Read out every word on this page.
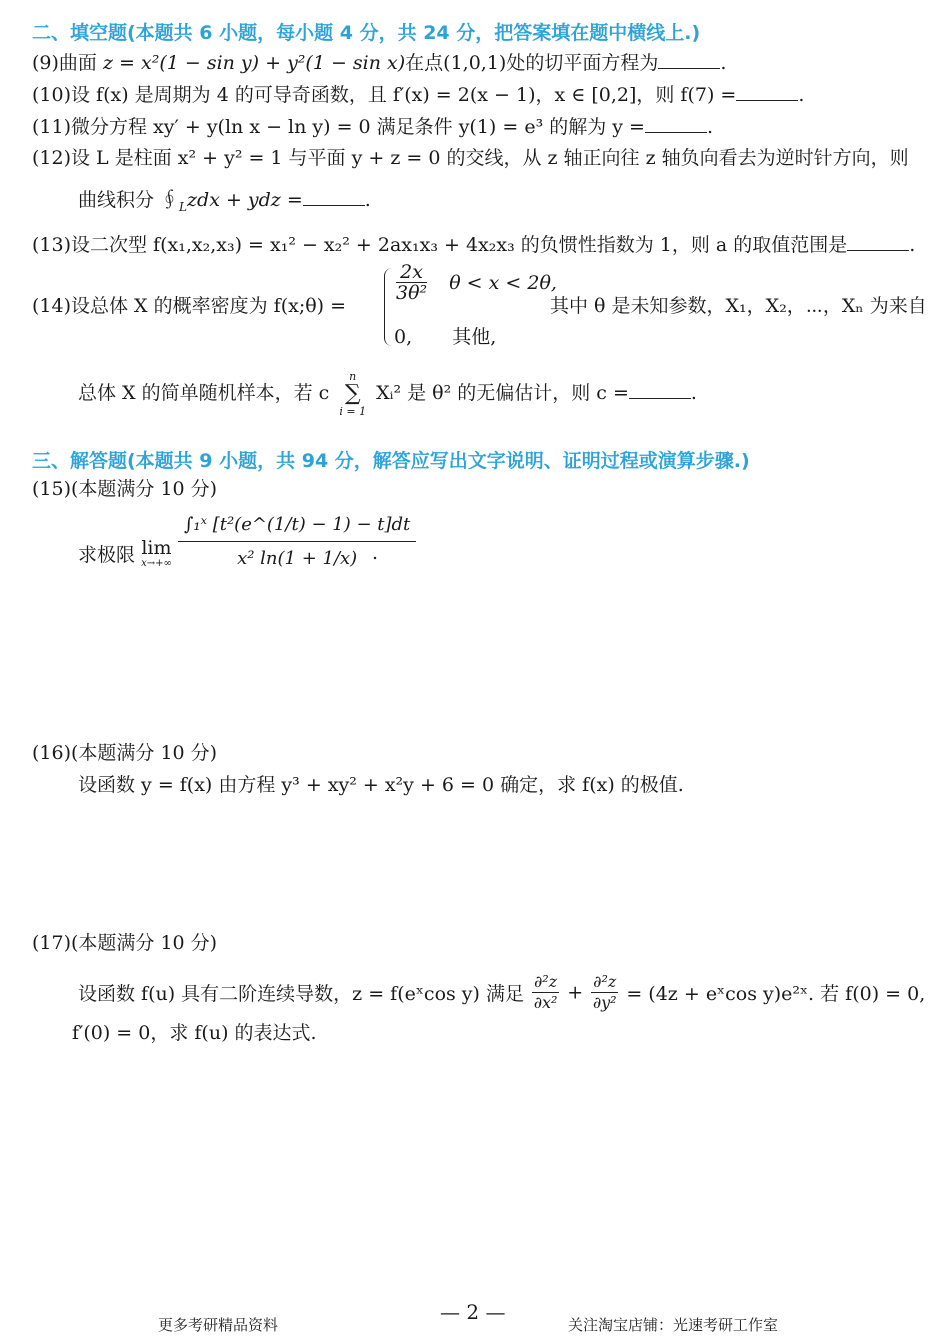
二、填空题(本题共 6 小题，每小题 4 分，共 24 分，把答案填在题中横线上.)
(9)曲面 z = x²(1 − sin y) + y²(1 − sin x)在点(1,0,1)处的切平面方程为	.
(10)设 f(x) 是周期为 4 的可导奇函数，且 f′(x) = 2(x − 1)，x ∈ [0,2]，则 f(7) =	.
(11)微分方程 xy′ + y(ln x − ln y) = 0 满足条件 y(1) = e³ 的解为 y =	.
(12)设 L 是柱面 x² + y² = 1 与平面 y + z = 0 的交线，从 z 轴正向往 z 轴负向看去为逆时针方向，则
曲线积分 $∮_Lzdx$ + ydz =	.
(13)设二次型 f(x₁,x₂,x₃) = x₁² − x₂² + 2ax₁x₃ + 4x₂x₃ 的负惯性指数为 1，则 a 的取值范围是	.
(14)设总体 X 的概率密度为 f(x;θ) =
$\frac{2x}{\text{3θ²}}$ θ < x < 2θ,
0, 其他,
其中 θ 是未知参数，X₁，X₂，⋯，Xₙ 为来自
总体 X 的简单随机样本，若 c
n
∑
i = 1
Xᵢ² 是 θ² 的无偏估计，则 c =	.
三、解答题(本题共 9 小题，共 94 分，解答应写出文字说明、证明过程或演算步骤.)
(15)(本题满分 10 分)
求极限 lim
$x\to+\infty \frac{\text{∫₁ˣ [t²(e\textasciicircum{}(1/t) − 1) − t]dt}}{\text{x² ln(1 + 1/x)}}$
.
(16)(本题满分 10 分)
设函数 y = f(x) 由方程 y³ + xy² + x²y + 6 = 0 确定，求 f(x) 的极值.
(17)(本题满分 10 分)
设函数 f(u) 具有二阶连续导数，z = f(eˣcos y) 满足 $\frac{\text{∂²z}}{\text{∂x²}} + \frac{\text{∂²z}}{\text{∂y²}} = (4z$ + eˣcos y)e²ˣ. 若 f(0) = 0,
f′(0) = 0，求 f(u) 的表达式.
更多考研精品资料
— 2 —
关注淘宝店铺：光速考研工作室
